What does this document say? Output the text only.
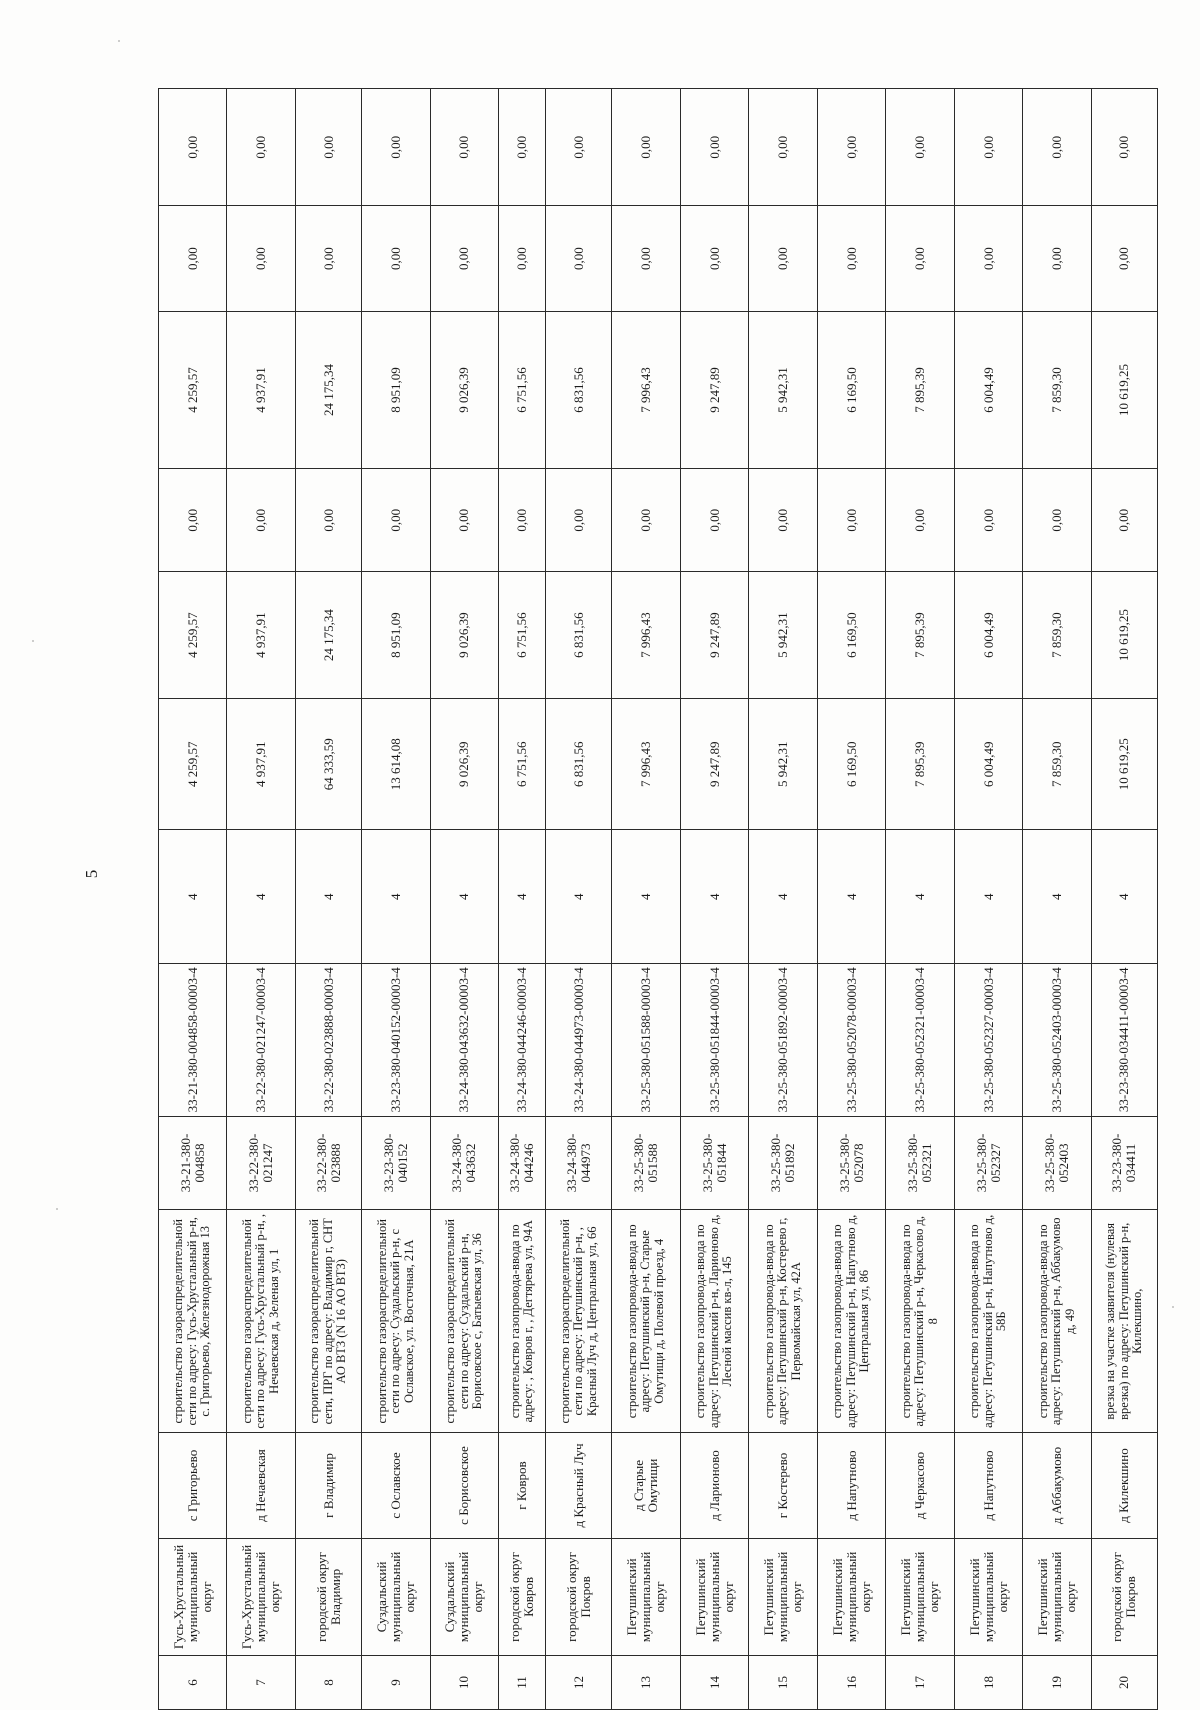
5
6	Гусь-Хрустальный муниципальный округ	с Григорьево	строительство газораспределительной сети по адресу: Гусь-Хрустальный р-н, с. Григорьево, Железнодорожная 13	33-21-380-004858	33-21-380-004858-00003-4	4	4 259,57	4 259,57	0,00	4 259,57	0,00	0,00
7	Гусь-Хрустальный муниципальный округ	д Нечаевская	строительство газораспределительной сети по адресу: Гусь-Хрустальный р-н, , Нечаевская д, Зеленая ул, 1	33-22-380-021247	33-22-380-021247-00003-4	4	4 937,91	4 937,91	0,00	4 937,91	0,00	0,00
8	городской округ Владимир	г Владимир	строительство газораспределительной сети, ПРГ по адресу: Владимир г, СНТ АО ВТЗ (N 16 АО ВТЗ)	33-22-380-023888	33-22-380-023888-00003-4	4	64 333,59	24 175,34	0,00	24 175,34	0,00	0,00
9	Суздальский муниципальный округ	с Ославское	строительство газораспределительной сети по адресу: Суздальский р-н, с Ославское, ул. Восточная, 21А	33-23-380-040152	33-23-380-040152-00003-4	4	13 614,08	8 951,09	0,00	8 951,09	0,00	0,00
10	Суздальский муниципальный округ	с Борисовское	строительство газораспределительной сети по адресу: Суздальский р-н, Борисовское с, Батыевская ул, 36	33-24-380-043632	33-24-380-043632-00003-4	4	9 026,39	9 026,39	0,00	9 026,39	0,00	0,00
11	городской округ Ковров	г Ковров	строительство газопровода-ввода по адресу: , Ковров г, , Дегтярева ул, 94А	33-24-380-044246	33-24-380-044246-00003-4	4	6 751,56	6 751,56	0,00	6 751,56	0,00	0,00
12	городской округ Покров	д Красный Луч	строительство газораспределительной сети по адресу: Петушинский р-н, , Красный Луч д, Центральная ул, 66	33-24-380-044973	33-24-380-044973-00003-4	4	6 831,56	6 831,56	0,00	6 831,56	0,00	0,00
13	Петушинский муниципальный округ	д Старые Омутищи	строительство газопровода-ввода по адресу: Петушинский р-н, Старые Омутищи д, Полевой проезд, 4	33-25-380-051588	33-25-380-051588-00003-4	4	7 996,43	7 996,43	0,00	7 996,43	0,00	0,00
14	Петушинский муниципальный округ	д Ларионово	строительство газопровода-ввода по адресу: Петушинский р-н, Ларионово д, Лесной массив кв-л, 145	33-25-380-051844	33-25-380-051844-00003-4	4	9 247,89	9 247,89	0,00	9 247,89	0,00	0,00
15	Петушинский муниципальный округ	г Костерево	строительство газопровода-ввода по адресу: Петушинский р-н, Костерево г, Первомайская ул, 42А	33-25-380-051892	33-25-380-051892-00003-4	4	5 942,31	5 942,31	0,00	5 942,31	0,00	0,00
16	Петушинский муниципальный округ	д Напутново	строительство газопровода-ввода по адресу: Петушинский р-н, Напутново д, Центральная ул, 86	33-25-380-052078	33-25-380-052078-00003-4	4	6 169,50	6 169,50	0,00	6 169,50	0,00	0,00
17	Петушинский муниципальный округ	д Черкасово	строительство газопровода-ввода по адресу: Петушинский р-н, Черкасово д, 8	33-25-380-052321	33-25-380-052321-00003-4	4	7 895,39	7 895,39	0,00	7 895,39	0,00	0,00
18	Петушинский муниципальный округ	д Напутново	строительство газопровода-ввода по адресу: Петушинский р-н, Напутново д, 58Б	33-25-380-052327	33-25-380-052327-00003-4	4	6 004,49	6 004,49	0,00	6 004,49	0,00	0,00
19	Петушинский муниципальный округ	д Аббакумово	строительство газопровода-ввода по адресу: Петушинский р-н, Аббакумово д, 49	33-25-380-052403	33-25-380-052403-00003-4	4	7 859,30	7 859,30	0,00	7 859,30	0,00	0,00
20	городской округ Покров	д Килекшино	врезка на участке заявителя (нулевая врезка) по адресу: Петушинский р-н, Килекшино,	33-23-380-034411	33-23-380-034411-00003-4	4	10 619,25	10 619,25	0,00	10 619,25	0,00	0,00
